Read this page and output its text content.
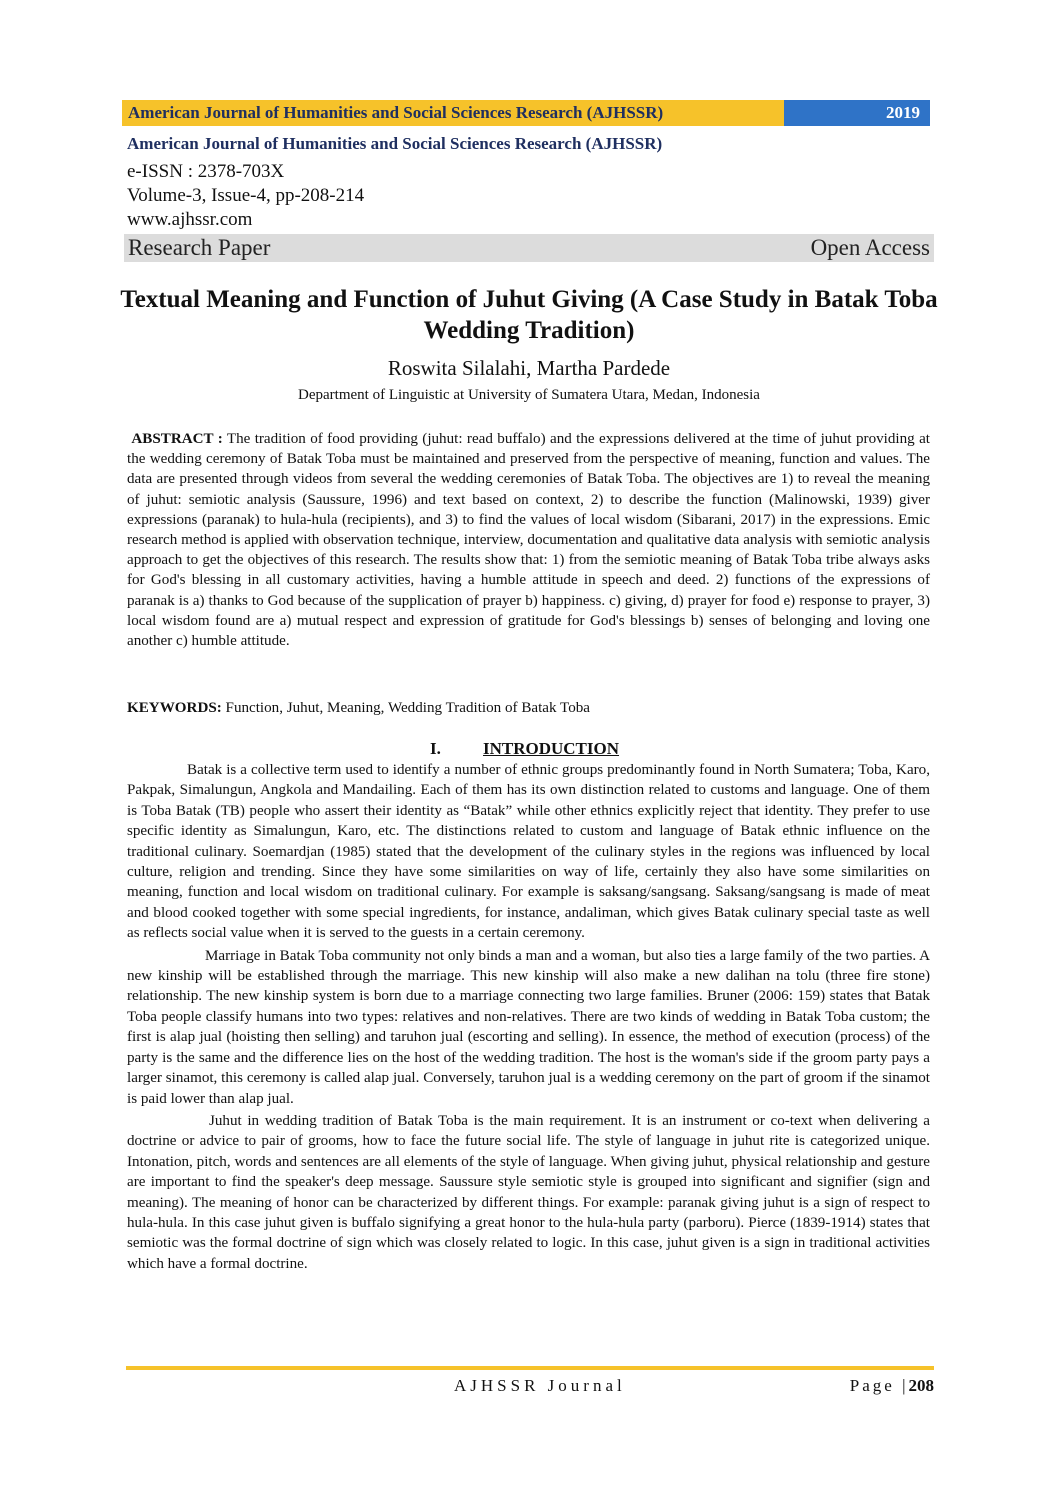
American Journal of Humanities and Social Sciences Research (AJHSSR)	2019
American Journal of Humanities and Social Sciences Research (AJHSSR)
e-ISSN : 2378-703X
Volume-3, Issue-4, pp-208-214
www.ajhssr.com
Research Paper	Open Access
Textual Meaning and Function of Juhut Giving (A Case Study in Batak Toba Wedding Tradition)
Roswita Silalahi, Martha Pardede
Department of Linguistic at University of Sumatera Utara, Medan, Indonesia
ABSTRACT : The tradition of food providing (juhut: read buffalo) and the expressions delivered at the time of juhut providing at the wedding ceremony of Batak Toba must be maintained and preserved from the perspective of meaning, function and values. The data are presented through videos from several the wedding ceremonies of Batak Toba. The objectives are 1) to reveal the meaning of juhut: semiotic analysis (Saussure, 1996) and text based on context, 2) to describe the function (Malinowski, 1939) giver expressions (paranak) to hula-hula (recipients), and 3) to find the values of local wisdom (Sibarani, 2017) in the expressions. Emic research method is applied with observation technique, interview, documentation and qualitative data analysis with semiotic analysis approach to get the objectives of this research. The results show that: 1) from the semiotic meaning of Batak Toba tribe always asks for God's blessing in all customary activities, having a humble attitude in speech and deed. 2) functions of the expressions of paranak is a) thanks to God because of the supplication of prayer b) happiness. c) giving, d) prayer for food e) response to prayer, 3) local wisdom found are a) mutual respect and expression of gratitude for God's blessings b) senses of belonging and loving one another c) humble attitude.
KEYWORDS: Function, Juhut, Meaning, Wedding Tradition of Batak Toba
I. INTRODUCTION

Batak is a collective term used to identify a number of ethnic groups predominantly found in North Sumatera; Toba, Karo, Pakpak, Simalungun, Angkola and Mandailing. Each of them has its own distinction related to customs and language. One of them is Toba Batak (TB) people who assert their identity as “Batak” while other ethnics explicitly reject that identity. They prefer to use specific identity as Simalungun, Karo, etc. The distinctions related to custom and language of Batak ethnic influence on the traditional culinary. Soemardjan (1985) stated that the development of the culinary styles in the regions was influenced by local culture, religion and trending. Since they have some similarities on way of life, certainly they also have some similarities on meaning, function and local wisdom on traditional culinary. For example is saksang/sangsang. Saksang/sangsang is made of meat and blood cooked together with some special ingredients, for instance, andaliman, which gives Batak culinary special taste as well as reflects social value when it is served to the guests in a certain ceremony.

Marriage in Batak Toba community not only binds a man and a woman, but also ties a large family of the two parties. A new kinship will be established through the marriage. This new kinship will also make a new dalihan na tolu (three fire stone) relationship. The new kinship system is born due to a marriage connecting two large families. Bruner (2006: 159) states that Batak Toba people classify humans into two types: relatives and non-relatives. There are two kinds of wedding in Batak Toba custom; the first is alap jual (hoisting then selling) and taruhon jual (escorting and selling). In essence, the method of execution (process) of the party is the same and the difference lies on the host of the wedding tradition. The host is the woman's side if the groom party pays a larger sinamot, this ceremony is called alap jual. Conversely, taruhon jual is a wedding ceremony on the part of groom if the sinamot is paid lower than alap jual.

Juhut in wedding tradition of Batak Toba is the main requirement. It is an instrument or co-text when delivering a doctrine or advice to pair of grooms, how to face the future social life. The style of language in juhut rite is categorized unique. Intonation, pitch, words and sentences are all elements of the style of language. When giving juhut, physical relationship and gesture are important to find the speaker's deep message. Saussure style semiotic style is grouped into significant and signifier (sign and meaning). The meaning of honor can be characterized by different things. For example: paranak giving juhut is a sign of respect to hula-hula. In this case juhut given is buffalo signifying a great honor to the hula-hula party (parboru). Pierce (1839-1914) states that semiotic was the formal doctrine of sign which was closely related to logic. In this case, juhut given is a sign in traditional activities which have a formal doctrine.

AJHSSR Journal	Page |208
